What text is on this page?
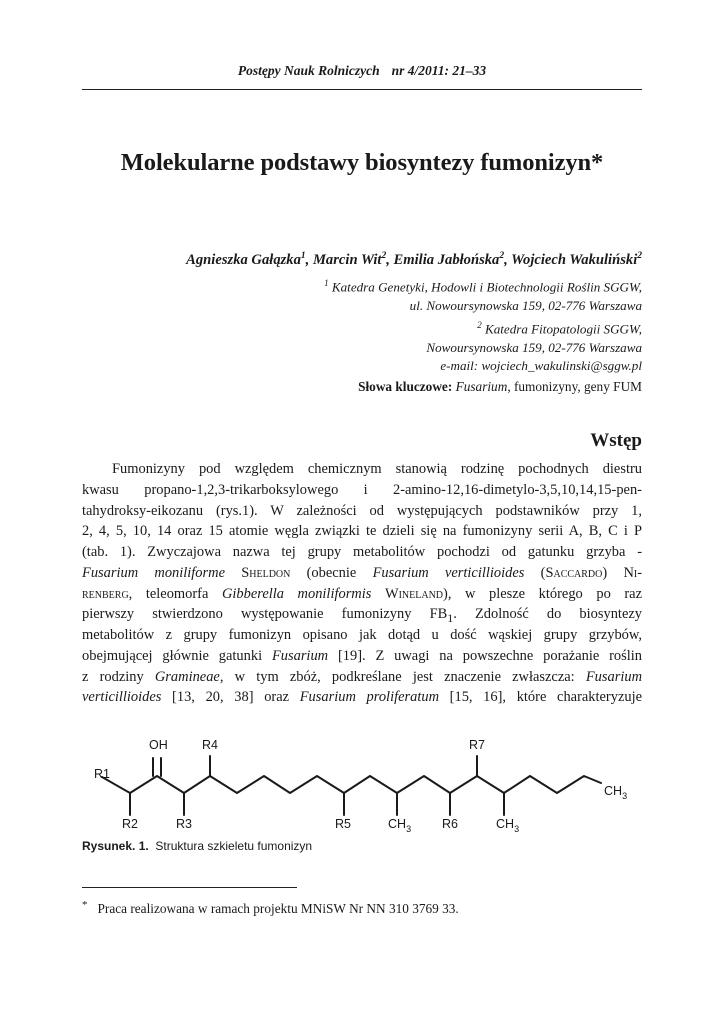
Postępy Nauk Rolniczych nr 4/2011: 21–33
Molekularne podstawy biosyntezy fumonizyn*
Agnieszka Gałązka$^1$, Marcin Wit$^2$, Emilia Jabłońska$^2$, Wojciech Wakuliński$^2$
$^1$ Katedra Genetyki, Hodowli i Biotechnologii Roślin SGGW,
ul. Nowoursynowska 159, 02-776 Warszawa
$^2$ Katedra Fitopatologii SGGW,
Nowoursynowska 159, 02-776 Warszawa
e-mail: wojciech_wakulinski@sggw.pl
Słowa kluczowe: Fusarium, fumonizyny, geny FUM
Wstęp
Fumonizyny pod względem chemicznym stanowią rodzinę pochodnych diestru
kwasu propano-1,2,3-trikarboksylowego i 2-amino-12,16-dimetylo-3,5,10,14,15-pen-
tahydroksy-eikozanu (rys.1). W zależności od występujących podstawników przy 1,
2, 4, 5, 10, 14 oraz 15 atomie węgla związki te dzieli się na fumonizyny serii A, B, C i P
(tab. 1). Zwyczajowa nazwa tej grupy metabolitów pochodzi od gatunku grzyba -
Fusarium moniliforme Sheldon (obecnie Fusarium verticillioides (Saccardo) Ni-
renberg, teleomorfa Gibberella moniliformis Wineland), w plesze którego po raz
pierwszy stwierdzono występowanie fumonizyny $FB_1$. Zdolność do biosyntezy
metabolitów z grupy fumonizyn opisano jak dotąd u dość wąskiej grupy grzybów,
obejmującej głównie gatunki Fusarium [19]. Z uwagi na powszechne porażanie roślin
z rodziny Gramineae, w tym zbóż, podkreślane jest znaczenie zwłaszcza: Fusarium
verticillioides [13, 20, 38] oraz Fusarium proliferatum [15, 16], które charakteryzuje
OH	R4	R7
R1
R2	R3	R5	$CH_3$ R6	$CH_3$
$CH_3$
Rysunek. 1. Struktura szkieletu fumonizyn
* Praca realizowana w ramach projektu MNiSW Nr NN 310 3769 33.
